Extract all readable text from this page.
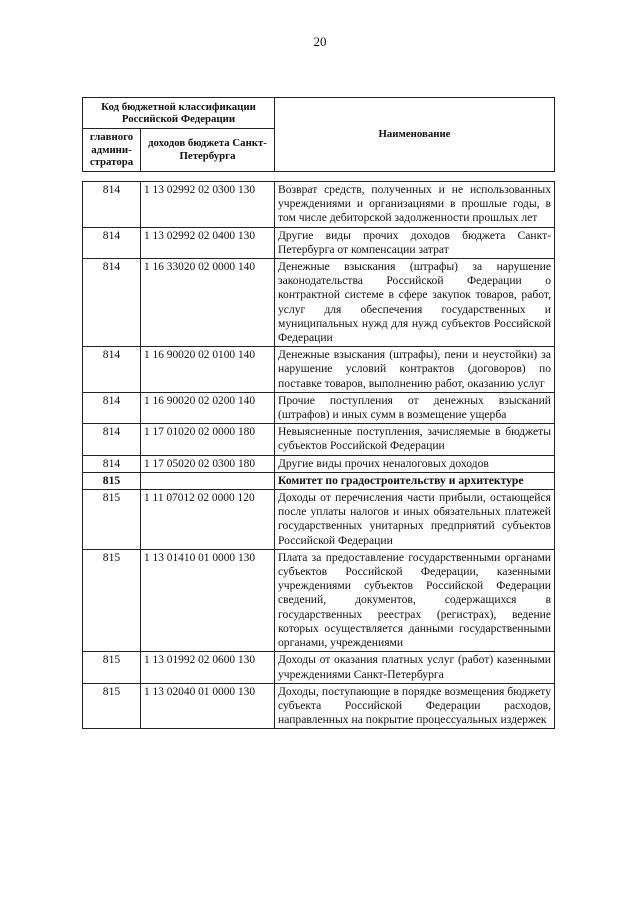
20
Код бюджетной классификации Российской Федерации		Наименование
главного админи-стратора	доходов бюджета Санкт-Петербурга	
814	1 13 02992 02 0300 130	Возврат средств, полученных и не использованных учреждениями и организациями в прошлые годы, в том числе дебиторской задолженности прошлых лет
814	1 13 02992 02 0400 130	Другие виды прочих доходов бюджета Санкт-Петербурга от компенсации затрат
814	1 16 33020 02 0000 140	Денежные взыскания (штрафы) за нарушение законодательства Российской Федерации о контрактной системе в сфере закупок товаров, работ, услуг для обеспечения государственных и муниципальных нужд для нужд субъектов Российской Федерации
814	1 16 90020 02 0100 140	Денежные взыскания (штрафы), пени и неустойки) за нарушение условий контрактов (договоров) по поставке товаров, выполнению работ, оказанию услуг
814	1 16 90020 02 0200 140	Прочие поступления от денежных взысканий (штрафов) и иных сумм в возмещение ущерба
814	1 17 01020 02 0000 180	Невыясненные поступления, зачисляемые в бюджеты субъектов Российской Федерации
814	1 17 05020 02 0300 180	Другие виды прочих неналоговых доходов
815		Комитет по градостроительству и архитектуре
815	1 11 07012 02 0000 120	Доходы от перечисления части прибыли, остающейся после уплаты налогов и иных обязательных платежей государственных унитарных предприятий субъектов Российской Федерации
815	1 13 01410 01 0000 130	Плата за предоставление государственными органами субъектов Российской Федерации, казенными учреждениями субъектов Российской Федерации сведений, документов, содержащихся в государственных реестрах (регистрах), ведение которых осуществляется данными государственными органами, учреждениями
815	1 13 01992 02 0600 130	Доходы от оказания платных услуг (работ) казенными учреждениями Санкт-Петербурга
815	1 13 02040 01 0000 130	Доходы, поступающие в порядке возмещения бюджету субъекта Российской Федерации расходов, направленных на покрытие процессуальных издержек
